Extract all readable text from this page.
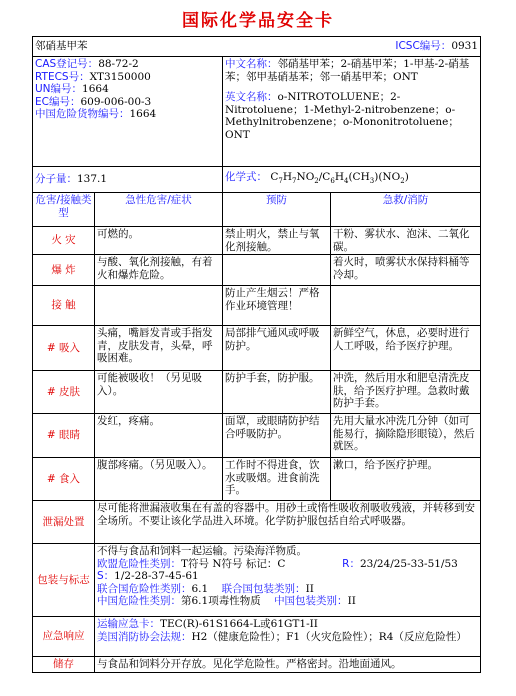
国际化学品安全卡
邻硝基甲苯 ICSC编号：0931			

CAS登记号：88-72-2
RTECS号：XT3150000
UN编号：1664
EC编号：609-006-00-3
中国危险货物编号：1664		中文名称：邻硝基甲苯；2-硝基甲苯；1-甲基-2-硝基苯；邻甲基硝基苯；邻一硝基甲苯；ONT
英文名称：o-NITROTOLUENE；2-Nitrotoluene；1-Methyl-2-nitrobenzene；o-Methylnitrobenzene；o-Mononitrotoluene；ONT	

分子量：137.1		化学式： $C_7H_7NO_2/C_6H_4(CH_3)(NO_2)$	
危害/接触类型	急性危害/症状	预防	急救/消防
火 灾	可燃的。	禁止明火，禁止与氧化剂接触。	干粉、雾状水、泡沫、二氧化碳。
爆 炸	与酸、氧化剂接触，有着火和爆炸危险。		着火时，喷雾状水保持料桶等冷却。
接 触		防止产生烟云！严格作业环境管理！	
# 吸入	头痛，嘴唇发青或手指发青，皮肤发青，头晕，呼吸困难。	局部排气通风或呼吸防护。	新鲜空气，休息，必要时进行人工呼吸，给予医疗护理。
# 皮肤	可能被吸收！（另见吸入）。	防护手套，防护服。	冲洗，然后用水和肥皂清洗皮肤，给予医疗护理。急救时戴防护手套。
# 眼睛	发红，疼痛。	面罩，或眼睛防护结合呼吸防护。	先用大量水冲洗几分钟（如可能易行，摘除隐形眼镜），然后就医。
# 食入	腹部疼痛。（另见吸入）。	工作时不得进食，饮水或吸烟。进食前洗手。	漱口，给予医疗护理。
泄漏处置	尽可能将泄漏液收集在有盖的容器中。用砂土或惰性吸收剂吸收残液，并转移到安全场所。不要让该化学品进入环境。化学防护服包括自给式呼吸器。		
包装与标志	不得与食品和饲料一起运输。污染海洋物质。
欧盟危险性类别：T符号 N符号 标记：C R：23/24/25-33-51/53
S：1/2-28-37-45-61
联合国危险性类别：6.1 联合国包装类别：II
中国危险性类别：第6.1项毒性物质 中国包装类别：II		

应急响应	运输应急卡：TEC(R)-61S1664-L或61GT1-II
美国消防协会法规：H2（健康危险性）；F1（火灾危险性）；R4（反应危险性）		

储存	与食品和饲料分开存放。见化学危险性。严格密封。沿地面通风。		
